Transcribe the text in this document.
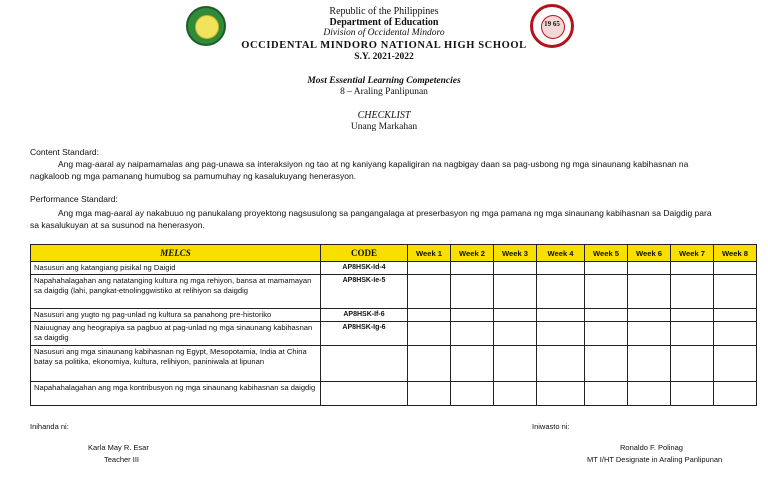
19 65
Republic of the Philippines
Department of Education
Division of Occidental Mindoro
OCCIDENTAL MINDORO NATIONAL HIGH SCHOOL
S.Y. 2021-2022
Most Essential Learning Competencies
8 – Araling Panlipunan
CHECKLIST
Unang Markahan
Content Standard:
Ang mag-aaral ay naipamamalas ang pag-unawa sa interaksiyon ng tao at ng kaniyang kapaligiran na nagbigay daan sa pag-usbong ng mga sinaunang kabihasnan na
nagkaloob ng mga pamanang humubog sa pamumuhay ng kasalukuyang henerasyon.
Performance Standard:
Ang mga mag-aaral ay nakabuuo ng panukalang proyektong nagsusulong sa pangangalaga at preserbasyon ng mga pamana ng mga sinaunang kabihasnan sa Daigdig para
sa kasalukuyan at sa susunod na henerasyon.
MELCS	CODE	Week 1	Week 2	Week 3	Week 4	Week 5	Week 6	Week 7	Week 8
Nasusuri ang katangiang pisikal ng Daigid	AP8HSK-Id-4								
Napahahalagahan ang natatanging kultura ng mga rehiyon, bansa at mamamayan sa daigdig (lahi, pangkat-etnolinggwistiko at relihiyon sa daigdig	AP8HSK-Ie-5								
Nasusuri ang yugto ng pag-unlad ng kultura sa panahong pre-historiko	AP8HSK-If-6								
Naiuugnay ang heograpiya sa pagbuo at pag-unlad ng mga sinaunang kabihasnan sa daigdig	AP8HSK-Ig-6								
Nasusuri ang mga sinaunang kabihasnan ng Egypt, Mesopotamia, India at China batay sa politika, ekonomiya, kultura, relihiyon, paniniwala at lipunan									
Napahahalagahan ang mga kontribusyon ng mga sinaunang kabihasnan sa daigdig									
Inihanda ni:
Karla May R. Esar
Teacher III
Iniwasto ni:
Ronaldo F. Polinag
MT I/HT Designate in Araling Panlipunan
